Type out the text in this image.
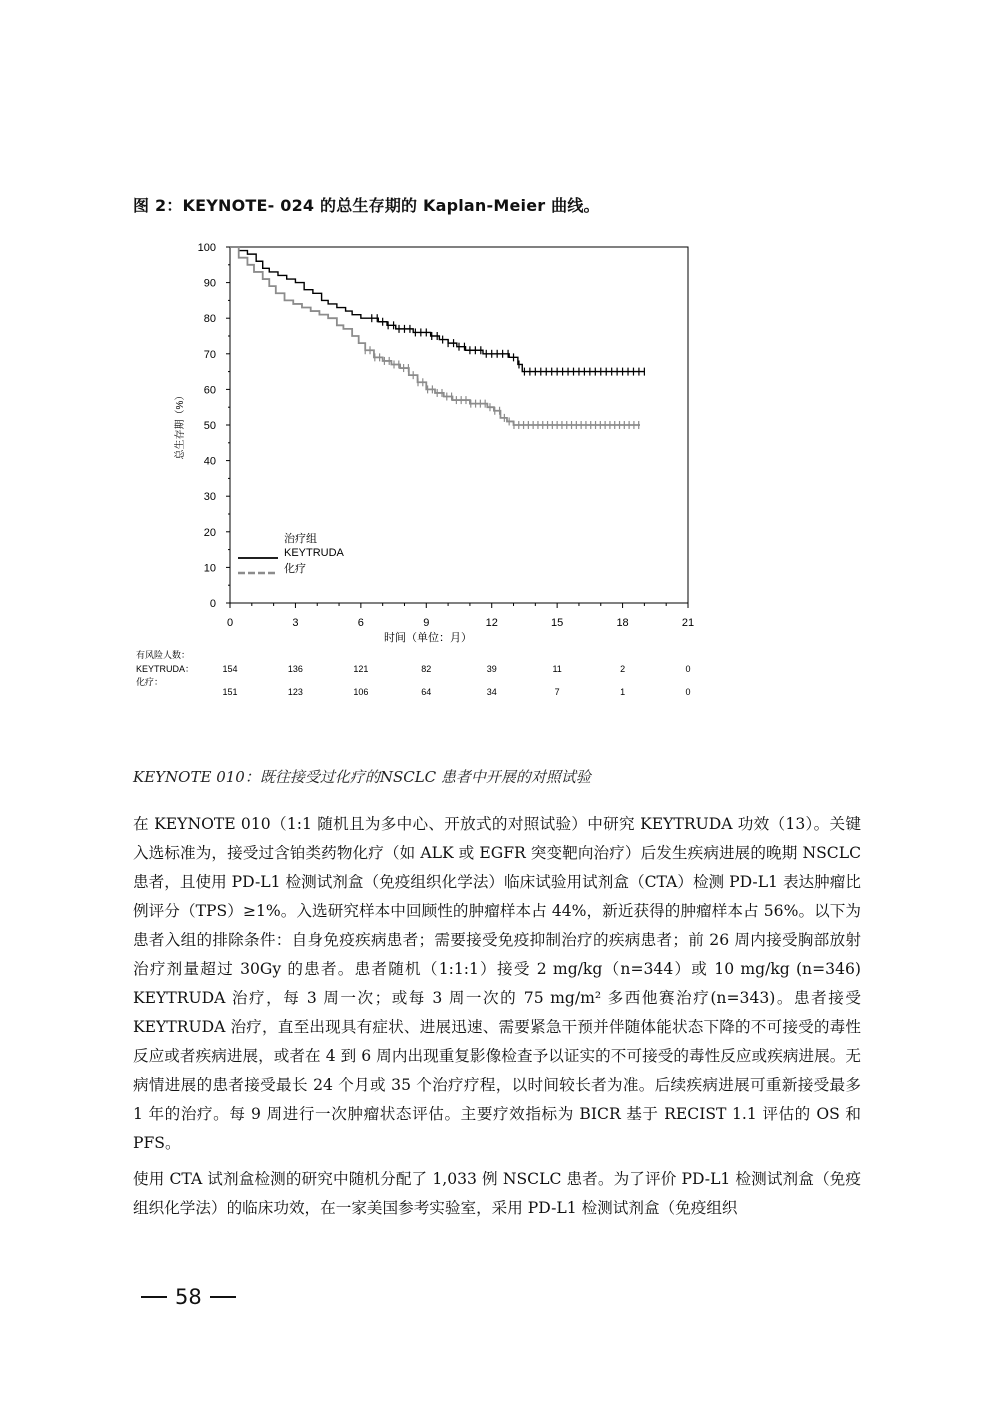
图 2：KEYNOTE- 024 的总生存期的 Kaplan-Meier 曲线。
0
10
20
30
40
50
60
70
80
90
100
0	3	6	9	12	15	18	21
总生存期（%）
时间（单位：月）
治疗组
KEYTRUDA
化疗
有风险人数：
KEYTRUDA：
化疗：
154	136	121	82	39	11	2	0
151	123	106	64	34	7	1	0
KEYNOTE 010：既往接受过化疗的NSCLC 患者中开展的对照试验

在 KEYNOTE 010（1:1 随机且为多中心、开放式的对照试验）中研究 KEYTRUDA 功效（13）。关键入选标准为，接受过含铂类药物化疗（如 ALK 或 EGFR 突变靶向治疗）后发生疾病进展的晚期 NSCLC 患者，且使用 PD-L1 检测试剂盒（免疫组织化学法）临床试验用试剂盒（CTA）检测 PD-L1 表达肿瘤比例评分（TPS）≥1%。入选研究样本中回顾性的肿瘤样本占 44%，新近获得的肿瘤样本占 56%。以下为患者入组的排除条件：自身免疫疾病患者；需要接受免疫抑制治疗的疾病患者；前 26 周内接受胸部放射治疗剂量超过 30Gy 的患者。患者随机（1:1:1）接受 2 mg/kg（n=344）或 10 mg/kg (n=346) KEYTRUDA 治疗，每 3 周一次；或每 3 周一次的 75 mg/m² 多西他赛治疗(n=343)。患者接受 KEYTRUDA 治疗，直至出现具有症状、进展迅速、需要紧急干预并伴随体能状态下降的不可接受的毒性反应或者疾病进展，或者在 4 到 6 周内出现重复影像检查予以证实的不可接受的毒性反应或疾病进展。无病情进展的患者接受最长 24 个月或 35 个治疗疗程，以时间较长者为准。后续疾病进展可重新接受最多 1 年的治疗。每 9 周进行一次肿瘤状态评估。主要疗效指标为 BICR 基于 RECIST 1.1 评估的 OS 和 PFS。

使用 CTA 试剂盒检测的研究中随机分配了 1,033 例 NSCLC 患者。为了评价 PD-L1 检测试剂盒（免疫组织化学法）的临床功效，在一家美国参考实验室，采用 PD-L1 检测试剂盒（免疫组织

58
